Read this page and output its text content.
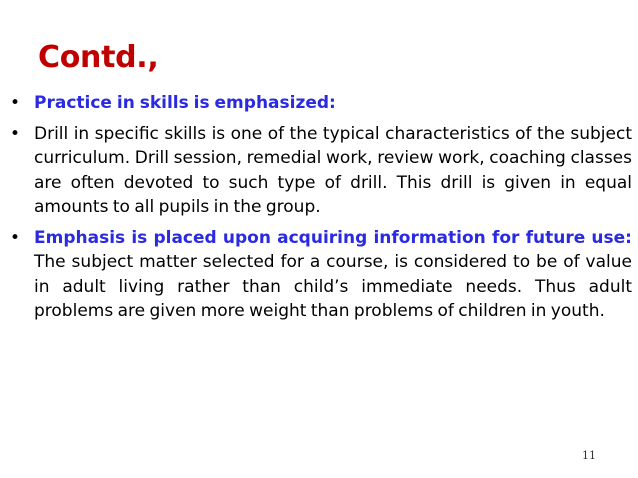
Contd.,
• Practice in skills is emphasized:
• Drill in specific skills is one of the typical characteristics of the subject curriculum. Drill session, remedial work, review work, coaching classes are often devoted to such type of drill. This drill is given in equal amounts to all pupils in the group.
• Emphasis is placed upon acquiring information for future use: The subject matter selected for a course, is considered to be of value in adult living rather than child’s immediate needs. Thus adult problems are given more weight than problems of children in youth.

11
